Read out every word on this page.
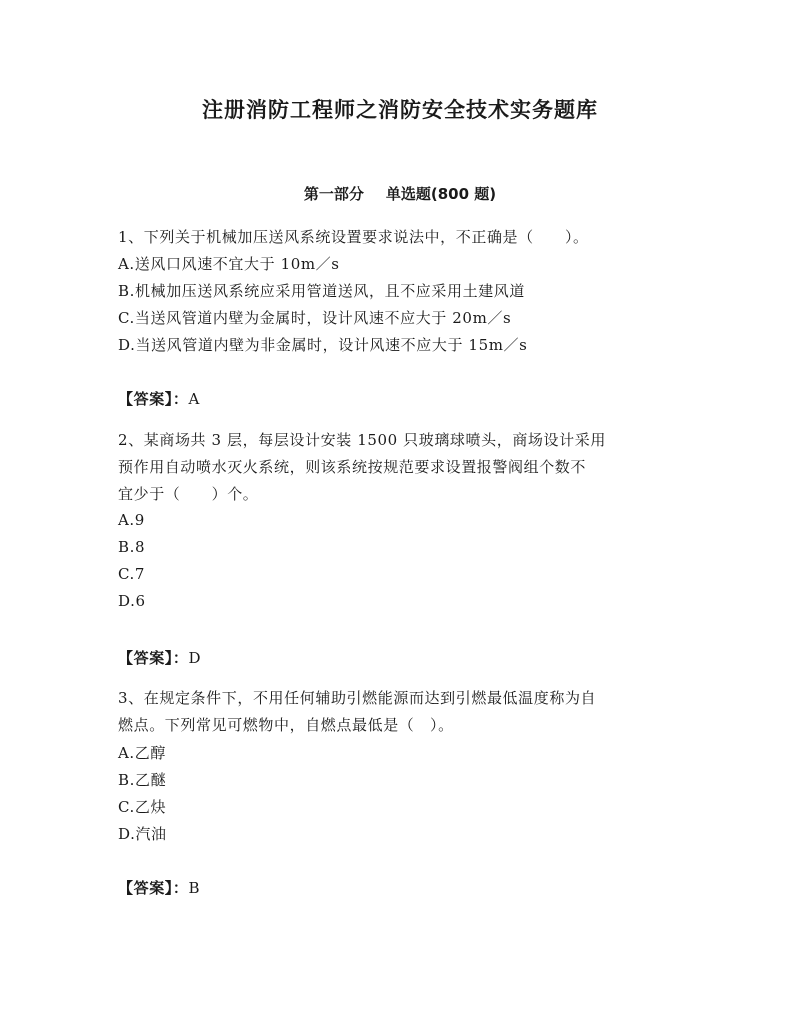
注册消防工程师之消防安全技术实务题库
第一部分 单选题(800 题)
1、下列关于机械加压送风系统设置要求说法中，不正确是（　　）。
A.送风口风速不宜大于 10m／s
B.机械加压送风系统应采用管道送风，且不应采用土建风道
C.当送风管道内壁为金属时，设计风速不应大于 20m／s
D.当送风管道内壁为非金属时，设计风速不应大于 15m／s
【答案】：A
2、某商场共 3 层，每层设计安装 1500 只玻璃球喷头，商场设计采用
预作用自动喷水灭火系统，则该系统按规范要求设置报警阀组个数不
宜少于（　　）个。
A.9
B.8
C.7
D.6
【答案】：D
3、在规定条件下，不用任何辅助引燃能源而达到引燃最低温度称为自
燃点。下列常见可燃物中，自燃点最低是（　）。
A.乙醇
B.乙醚
C.乙炔
D.汽油
【答案】：B
